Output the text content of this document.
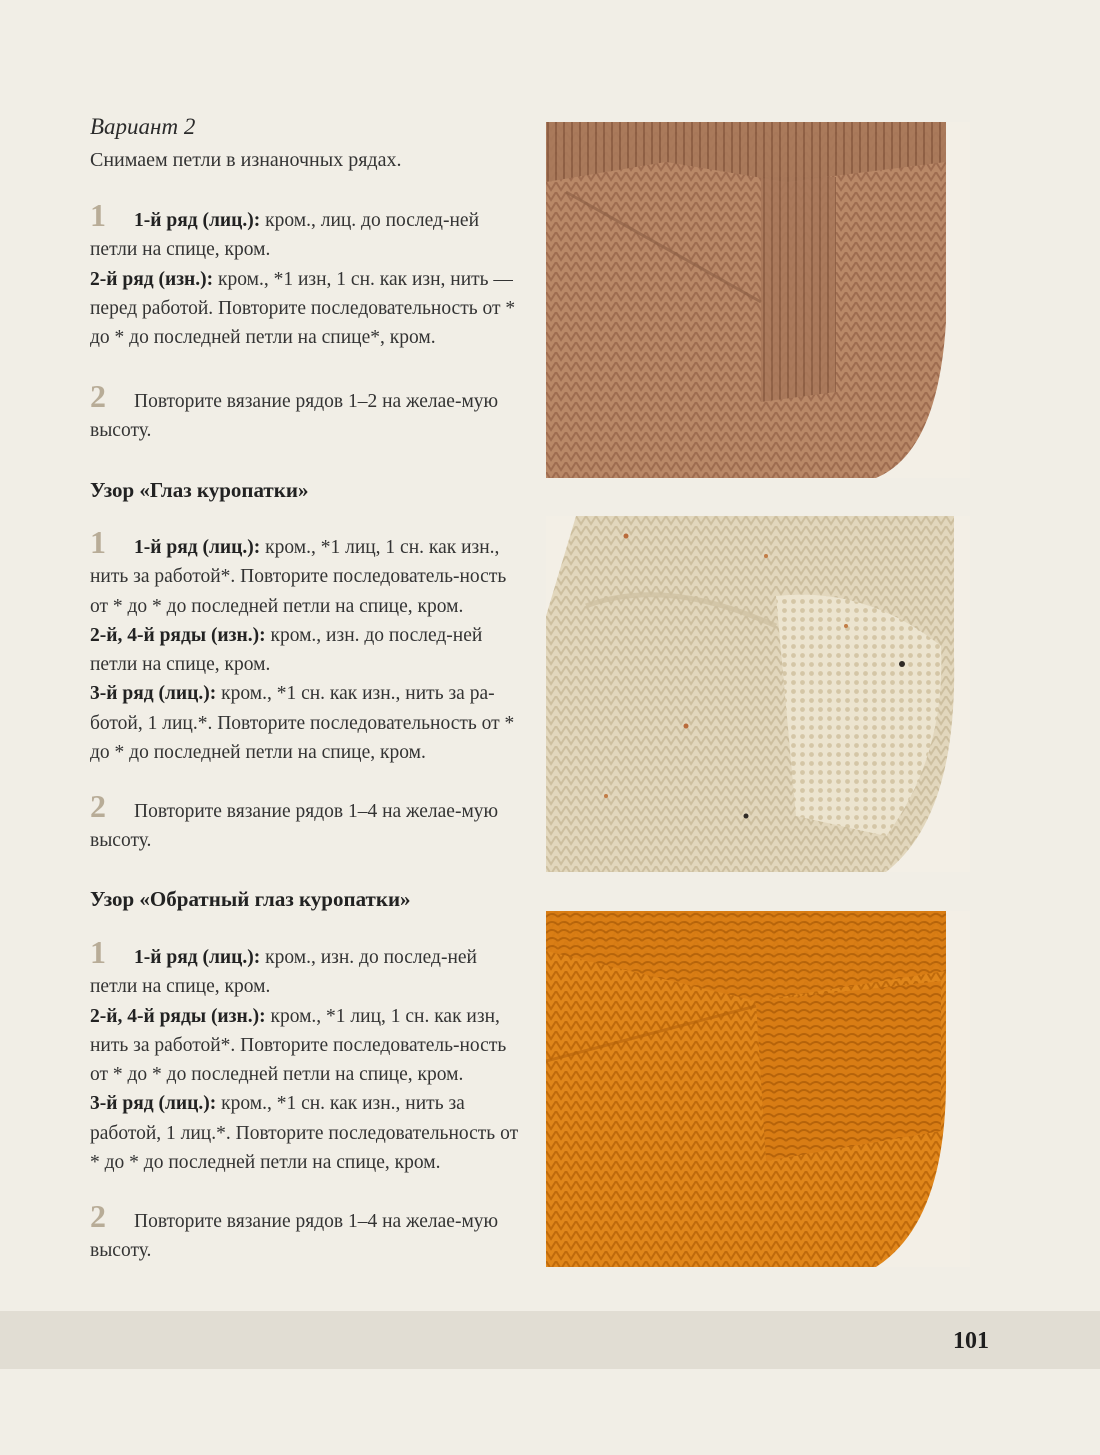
Вариант 2

Снимаем петли в изнаночных рядах.

1 1-й ряд (лиц.): кром., лиц. до послед-ней петли на спице, кром.

2-й ряд (изн.): кром., *1 изн, 1 сн. как изн, нить — перед работой. Повторите последовательность от * до * до последней петли на спице*, кром.

2 Повторите вязание рядов 1–2 на желае-мую высоту.

Узор «Глаз куропатки»

1 1-й ряд (лиц.): кром., *1 лиц, 1 сн. как изн., нить за работой*. Повторите последователь-ность от * до * до последней петли на спице, кром.

2-й, 4-й ряды (изн.): кром., изн. до послед-ней петли на спице, кром.

3-й ряд (лиц.): кром., *1 сн. как изн., нить за ра-ботой, 1 лиц.*. Повторите последовательность от * до * до последней петли на спице, кром.

2 Повторите вязание рядов 1–4 на желае-мую высоту.

Узор «Обратный глаз куропатки»

1 1-й ряд (лиц.): кром., изн. до послед-ней петли на спице, кром.

2-й, 4-й ряды (изн.): кром., *1 лиц, 1 сн. как изн, нить за работой*. Повторите последователь-ность от * до * до последней петли на спице, кром.

3-й ряд (лиц.): кром., *1 сн. как изн., нить за работой, 1 лиц.*. Повторите последовательность от * до * до последней петли на спице, кром.

2 Повторите вязание рядов 1–4 на желае-мую высоту.

101
